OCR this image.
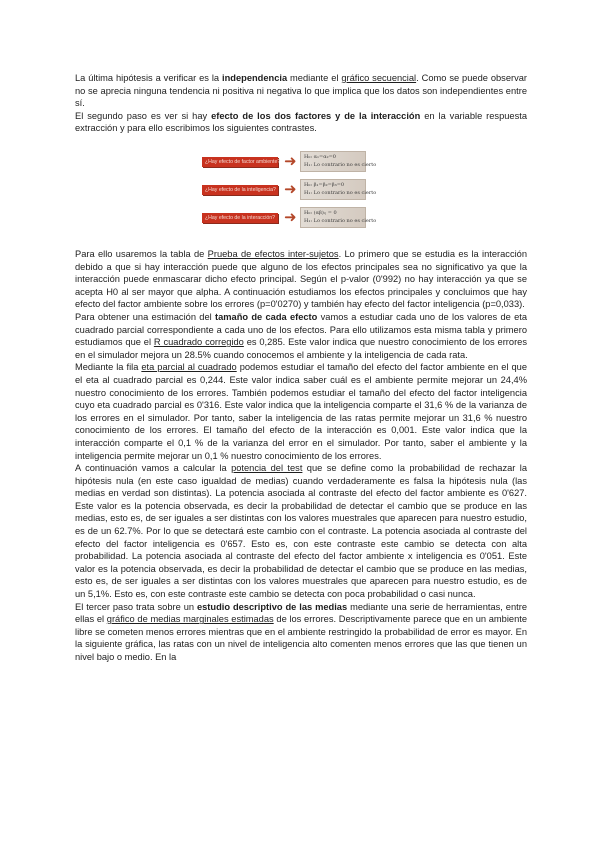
La última hipótesis a verificar es la independencia mediante el gráfico secuencial. Como se puede observar no se aprecia ninguna tendencia ni positiva ni negativa lo que implica que los datos son independientes entre sí.

El segundo paso es ver si hay efecto de los dos factores y de la interacción en la variable respuesta extracción y para ello escribimos los siguientes contrastes.

¿Hay efecto de factor ambiente? ➜ H₀: α₁=α₂=0
H₁: Lo contrario no es cierto
¿Hay efecto de la inteligencia? ➜ H₀: β₁=β₂=β₃=0
H₁: Lo contrario no es cierto
¿Hay efecto de la interacción? ➜ H₀: (αβ)ᵢⱼ = 0
H₁: Lo contrario no es cierto

Para ello usaremos la tabla de Prueba de efectos inter-sujetos. Lo primero que se estudia es la interacción debido a que si hay interacción puede que alguno de los efectos principales sea no significativo ya que la interacción puede enmascarar dicho efecto principal. Según el p-valor (0'992) no hay interacción ya que se acepta H0 al ser mayor que alpha. A continuación estudiamos los efectos principales y concluimos que hay efecto del factor ambiente sobre los errores (p=0'0270) y también hay efecto del factor inteligencia (p=0,033).

Para obtener una estimación del tamaño de cada efecto vamos a estudiar cada uno de los valores de eta cuadrado parcial correspondiente a cada uno de los efectos. Para ello utilizamos esta misma tabla y primero estudiamos que el R cuadrado corregido es 0,285. Este valor indica que nuestro conocimiento de los errores en el simulador mejora un 28.5% cuando conocemos el ambiente y la inteligencia de cada rata.

Mediante la fila eta parcial al cuadrado podemos estudiar el tamaño del efecto del factor ambiente en el que el eta al cuadrado parcial es 0,244. Este valor indica saber cuál es el ambiente permite mejorar un 24,4% nuestro conocimiento de los errores. También podemos estudiar el tamaño del efecto del factor inteligencia cuyo eta cuadrado parcial es 0'316. Este valor indica que la inteligencia comparte el 31,6 % de la varianza de los errores en el simulador. Por tanto, saber la inteligencia de las ratas permite mejorar un 31,6 % nuestro conocimiento de los errores. El tamaño del efecto de la interacción es 0,001. Este valor indica que la interacción comparte el 0,1 % de la varianza del error en el simulador. Por tanto, saber el ambiente y la inteligencia permite mejorar un 0,1 % nuestro conocimiento de los errores.

A continuación vamos a calcular la potencia del test que se define como la probabilidad de rechazar la hipótesis nula (en este caso igualdad de medias) cuando verdaderamente es falsa la hipótesis nula (las medias en verdad son distintas). La potencia asociada al contraste del efecto del factor ambiente es 0'627. Este valor es la potencia observada, es decir la probabilidad de detectar el cambio que se produce en las medias, esto es, de ser iguales a ser distintas con los valores muestrales que aparecen para nuestro estudio, es de un 62.7%. Por lo que se detectará este cambio con el contraste. La potencia asociada al contraste del efecto del factor inteligencia es 0'657. Esto es, con este contraste este cambio se detecta con alta probabilidad. La potencia asociada al contraste del efecto del factor ambiente x inteligencia es 0'051. Este valor es la potencia observada, es decir la probabilidad de detectar el cambio que se produce en las medias, esto es, de ser iguales a ser distintas con los valores muestrales que aparecen para nuestro estudio, es de un 5,1%. Esto es, con este contraste este cambio se detecta con poca probabilidad o casi nunca.

El tercer paso trata sobre un estudio descriptivo de las medias mediante una serie de herramientas, entre ellas el gráfico de medias marginales estimadas de los errores. Descriptivamente parece que en un ambiente libre se cometen menos errores mientras que en el ambiente restringido la probabilidad de error es mayor. En la siguiente gráfica, las ratas con un nivel de inteligencia alto comenten menos errores que las que tienen un nivel bajo o medio. En la
